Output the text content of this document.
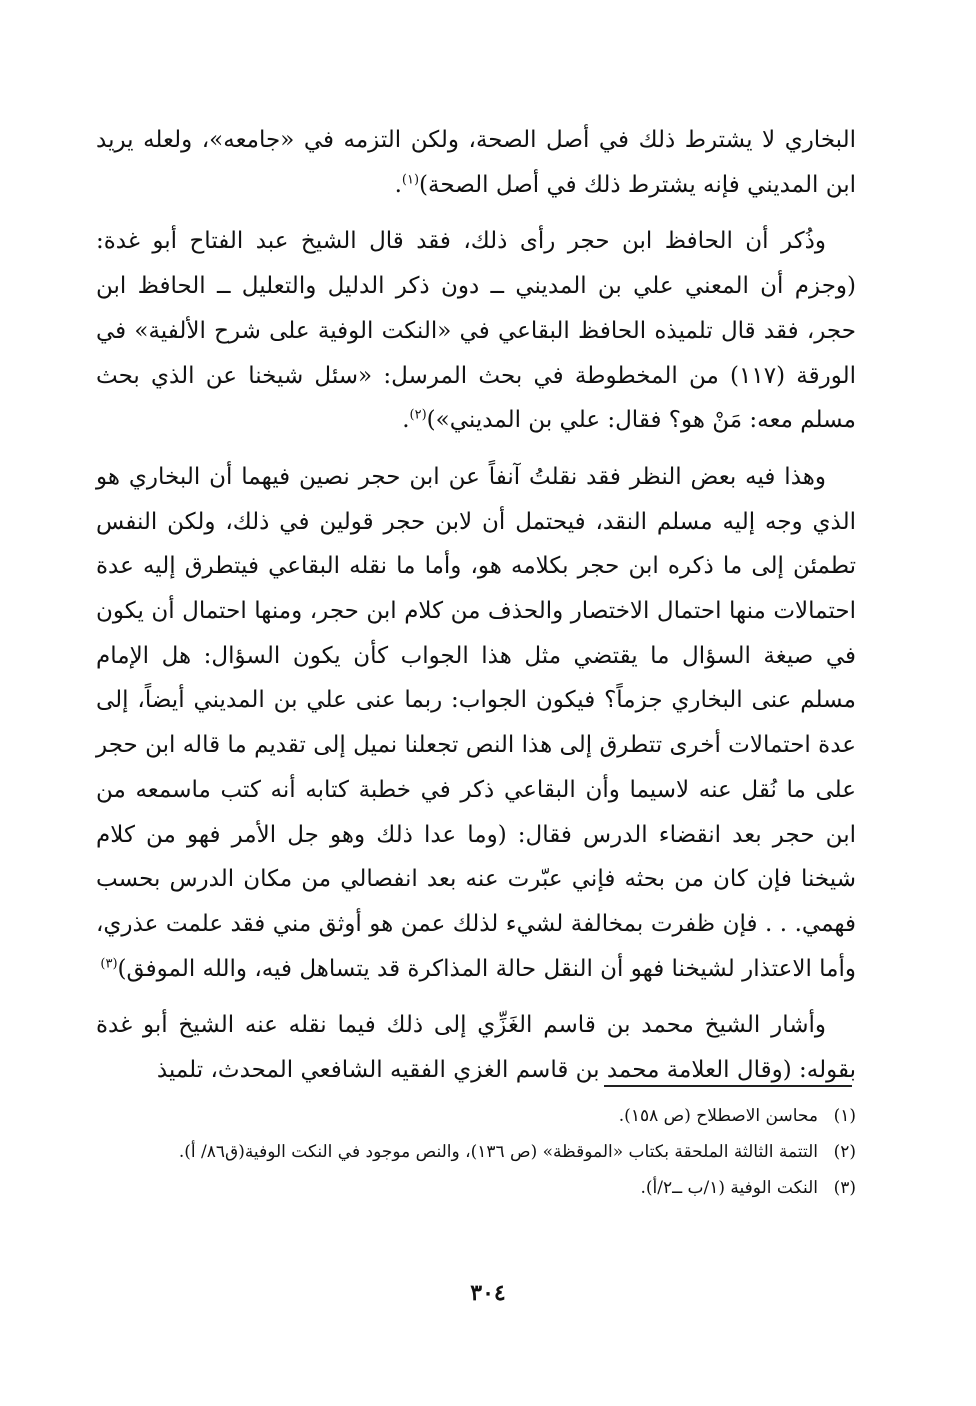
البخاري لا يشترط ذلك في أصل الصحة، ولكن التزمه في «جامعه»، ولعله يريد ابن المديني فإنه يشترط ذلك في أصل الصحة)$^{(١)}$.

وذُكر أن الحافظ ابن حجر رأى ذلك، فقد قال الشيخ عبد الفتاح أبو غدة: (وجزم أن المعني علي بن المديني ــ دون ذكر الدليل والتعليل ــ الحافظ ابن حجر، فقد قال تلميذه الحافظ البقاعي في «النكت الوفية على شرح الألفية» في الورقة (١١٧) من المخطوطة في بحث المرسل: «سئل شيخنا عن الذي بحث مسلم معه: مَنْ هو؟ فقال: علي بن المديني»)$^{(٢)}$.

وهذا فيه بعض النظر فقد نقلتُ آنفاً عن ابن حجر نصين فيهما أن البخاري هو الذي وجه إليه مسلم النقد، فيحتمل أن لابن حجر قولين في ذلك، ولكن النفس تطمئن إلى ما ذكره ابن حجر بكلامه هو، وأما ما نقله البقاعي فيتطرق إليه عدة احتمالات منها احتمال الاختصار والحذف من كلام ابن حجر، ومنها احتمال أن يكون في صيغة السؤال ما يقتضي مثل هذا الجواب كأن يكون السؤال: هل الإمام مسلم عنى البخاري جزماً؟ فيكون الجواب: ربما عنى علي بن المديني أيضاً، إلى عدة احتمالات أخرى تتطرق إلى هذا النص تجعلنا نميل إلى تقديم ما قاله ابن حجر على ما نُقل عنه لاسيما وأن البقاعي ذكر في خطبة كتابه أنه كتب ماسمعه من ابن حجر بعد انقضاء الدرس فقال: (وما عدا ذلك وهو جل الأمر فهو من كلام شيخنا فإن كان من بحثه فإني عبّرت عنه بعد انفصالي من مكان الدرس بحسب فهمي. . . فإن ظفرت بمخالفة لشيء لذلك عمن هو أوثق مني فقد علمت عذري، وأما الاعتذار لشيخنا فهو أن النقل حالة المذاكرة قد يتساهل فيه، والله الموفق)$^{(٣)}$

وأشار الشيخ محمد بن قاسم الغَزِّي إلى ذلك فيما نقله عنه الشيخ أبو غدة بقوله: (وقال العلامة محمد بن قاسم الغزي الفقيه الشافعي المحدث، تلميذ

(١)
محاسن الاصطلاح (ص ١٥٨).
(٢)
التتمة الثالثة الملحقة بكتاب «الموقظة» (ص ١٣٦)، والنص موجود في النكت الوفية(ق٨٦/ أ).
(٣)
النكت الوفية (١/ب ــ٢/أ).
٣٠٤
